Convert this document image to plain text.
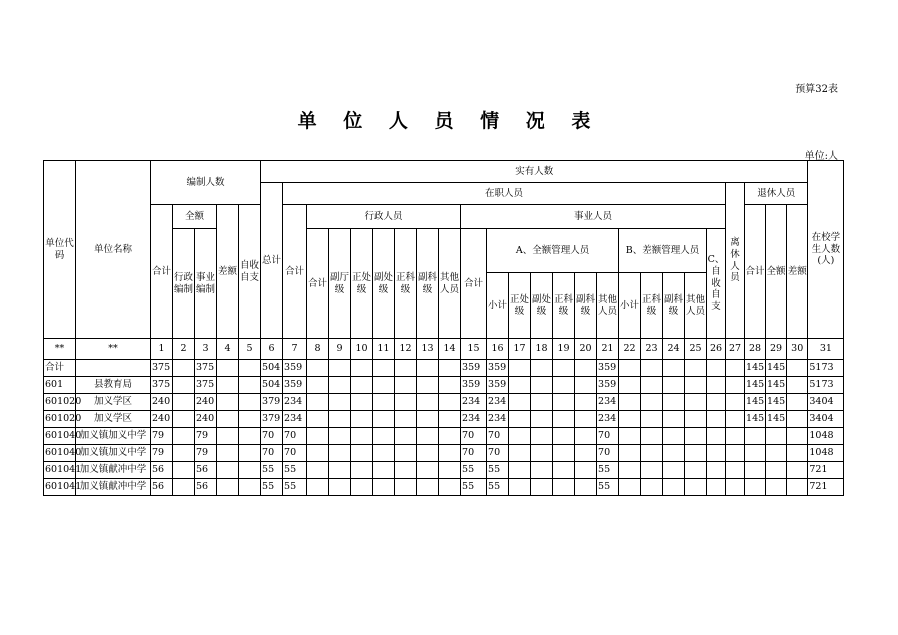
预算32表
单 位 人 员 情 况 表
单位:人
单位代码	单位名称	编制人数					实有人数																									在校学生人数(人)
							总计	在职人员																				离休人员	退休人员			
		合计	全额		差额	自收自支		合计	行政人员							事业人员													合计	全额	差额	
			行政编制	事业编制					合计	副厅级	正处级	副处级	正科级	副科级	其他人员	合计	A、全额管理人员						B、差额管理人员				C、自收自支					
																	小计	正处级	副处级	正科级	副科级	其他人员	小计	正科级	副科级	其他人员						

**	**	1	2	3	4	5	6	7	8	9	10	11	12	13	14	15	16	17	18	19	20	21	22	23	24	25	26	27	28	29	30	31
合计		375		375			504	359								359	359					359							145	145		5173
601	县教育局	375		375			504	359								359	359					359							145	145		5173
601020	加义学区	240		240			379	234								234	234					234							145	145		3404
601020	加义学区	240		240			379	234								234	234					234							145	145		3404
601040	加义镇加义中学	79		79			70	70								70	70					70										1048
601040	加义镇加义中学	79		79			70	70								70	70					70										1048
601041	加义镇献冲中学	56		56			55	55								55	55					55										721
601041	加义镇献冲中学	56		56			55	55								55	55					55										721
